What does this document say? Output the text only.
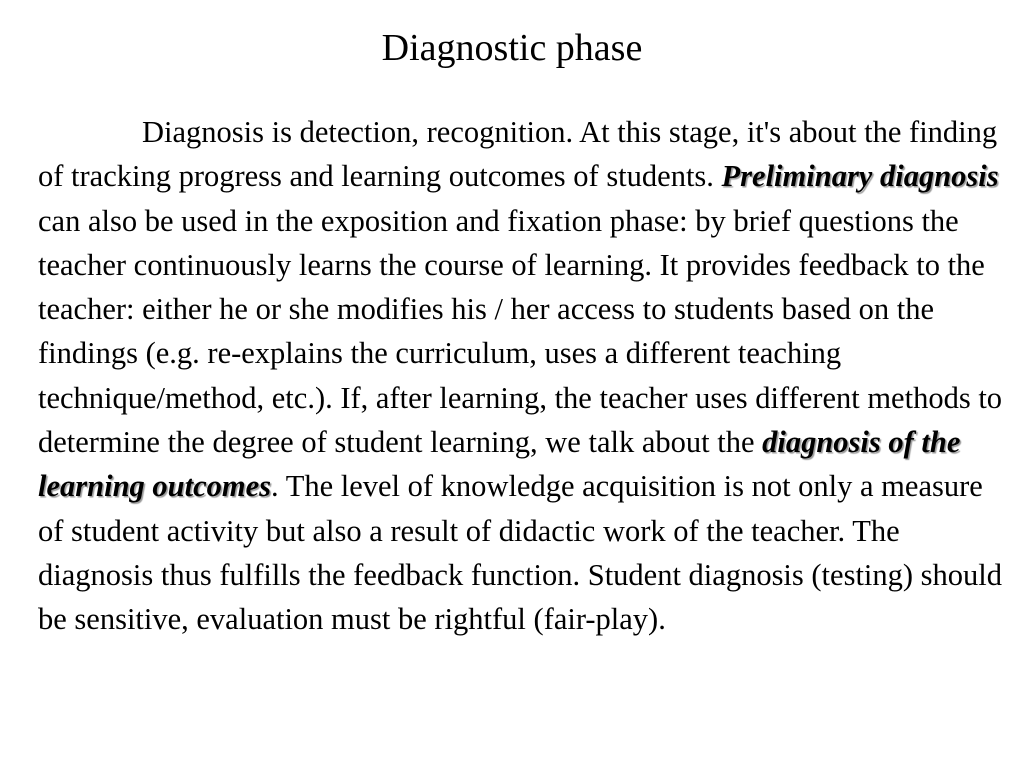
Diagnostic phase

Diagnosis is detection, recognition. At this stage, it's about the finding of tracking progress and learning outcomes of students. Preliminary diagnosis can also be used in the exposition and fixation phase: by brief questions the teacher continuously learns the course of learning. It provides feedback to the teacher: either he or she modifies his / her access to students based on the findings (e.g. re-explains the curriculum, uses a different teaching technique/method, etc.). If, after learning, the teacher uses different methods to determine the degree of student learning, we talk about the diagnosis of the learning outcomes. The level of knowledge acquisition is not only a measure of student activity but also a result of didactic work of the teacher. The diagnosis thus fulfills the feedback function. Student diagnosis (testing) should be sensitive, evaluation must be rightful (fair-play).
